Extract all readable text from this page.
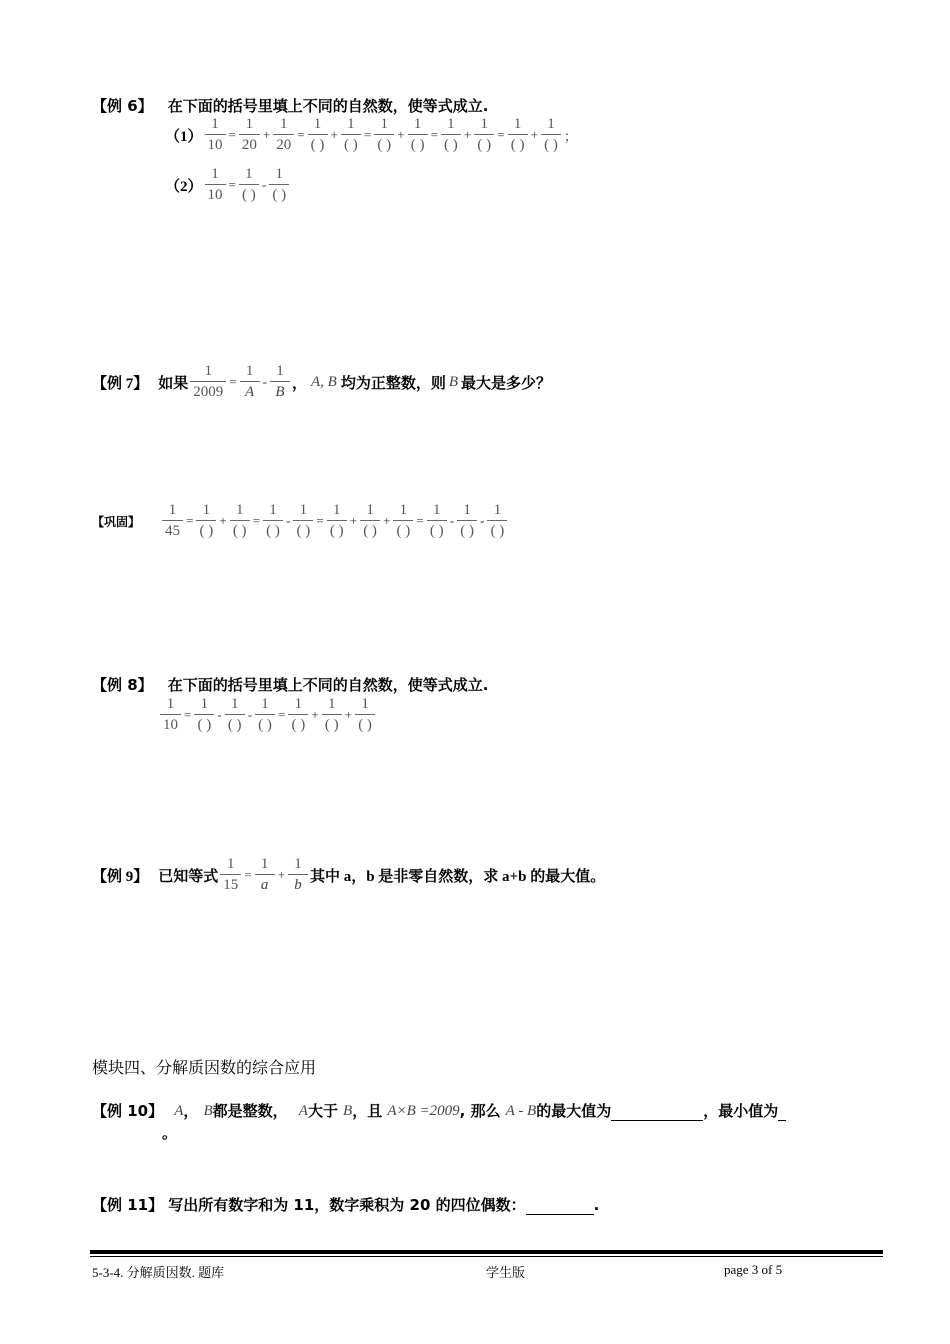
【例 6】 在下面的括号里填上不同的自然数，使等式成立.
$(1) \frac{1}{10} = \frac{1}{20} + \frac{1}{20} = \frac{1}{( )} + \frac{1}{( )} = \frac{1}{( )} + \frac{1}{( )} = \frac{1}{( )} + \frac{1}{( )} = \frac{1}{( )} + \frac{1}{( )}$ ；
$(2) \frac{1}{10} = \frac{1}{( )} - \frac{1}{( )}$
【例 7】 如果 $\frac{1}{2009} = \frac{1}{A} - \frac{1}{B}$ ， A, B 均为正整数，则 B 最大是多少？
【巩固】	$\frac{1}{45} = \frac{1}{( )} + \frac{1}{( )} = \frac{1}{( )} - \frac{1}{( )} = \frac{1}{( )} + \frac{1}{( )} + \frac{1}{( )} = \frac{1}{( )} - \frac{1}{( )} - \frac{1}{( )}$
【例 8】 在下面的括号里填上不同的自然数，使等式成立.
$\frac{1}{10} = \frac{1}{( )} - \frac{1}{( )} - \frac{1}{( )} = \frac{1}{( )} + \frac{1}{( )} + \frac{1}{( )}$
【例 9】 已知等式 $\frac{1}{15} = \frac{1}{a} + \frac{1}{b}$ 其中 a，b 是非零自然数，求 a+b 的最大值。
模块四、分解质因数的综合应用
【例 10】 A， B都是整数， A大于 B，且 A×B =2009, 那么 A - B的最大值为	，最小值为
。
【例 11】 写出所有数字和为 11，数字乘积为 20 的四位偶数：	.
5-3-4. 分解质因数. 题库	学生版	page 3 of 5
